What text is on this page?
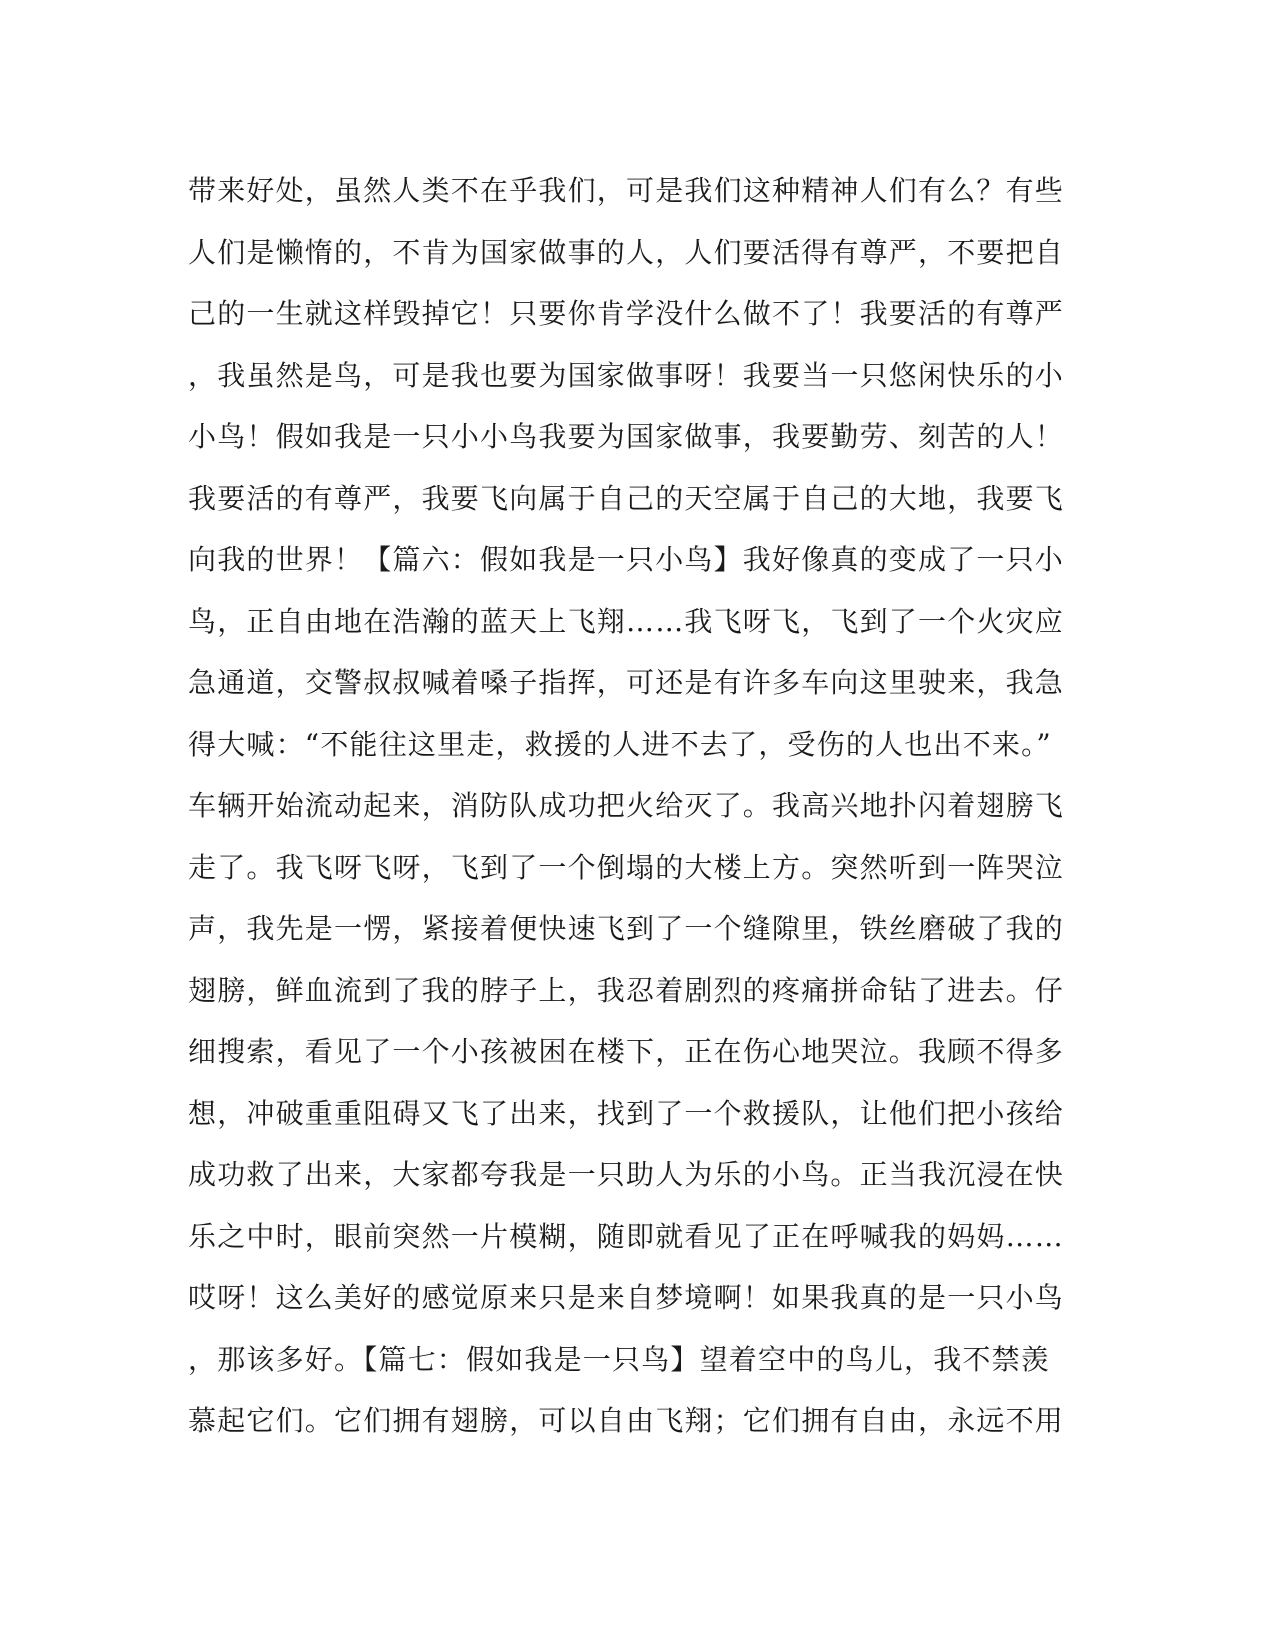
带来好处，虽然人类不在乎我们，可是我们这种精神人们有么？有些
人们是懒惰的，不肯为国家做事的人，人们要活得有尊严，不要把自
己的一生就这样毁掉它！只要你肯学没什么做不了！我要活的有尊严
，我虽然是鸟，可是我也要为国家做事呀！我要当一只悠闲快乐的小
小鸟！假如我是一只小小鸟我要为国家做事，我要勤劳、刻苦的人！
我要活的有尊严，我要飞向属于自己的天空属于自己的大地，我要飞
向我的世界！【篇六：假如我是一只小鸟】我好像真的变成了一只小
鸟，正自由地在浩瀚的蓝天上飞翔……我飞呀飞，飞到了一个火灾应
急通道，交警叔叔喊着嗓子指挥，可还是有许多车向这里驶来，我急
得大喊：“不能往这里走，救援的人进不去了，受伤的人也出不来。”
车辆开始流动起来，消防队成功把火给灭了。我高兴地扑闪着翅膀飞
走了。我飞呀飞呀，飞到了一个倒塌的大楼上方。突然听到一阵哭泣
声，我先是一愣，紧接着便快速飞到了一个缝隙里，铁丝磨破了我的
翅膀，鲜血流到了我的脖子上，我忍着剧烈的疼痛拼命钻了进去。仔
细搜索，看见了一个小孩被困在楼下，正在伤心地哭泣。我顾不得多
想，冲破重重阻碍又飞了出来，找到了一个救援队，让他们把小孩给
成功救了出来，大家都夸我是一只助人为乐的小鸟。正当我沉浸在快
乐之中时，眼前突然一片模糊，随即就看见了正在呼喊我的妈妈……
哎呀！这么美好的感觉原来只是来自梦境啊！如果我真的是一只小鸟
，那该多好。【篇七：假如我是一只鸟】望着空中的鸟儿，我不禁羡
慕起它们。它们拥有翅膀，可以自由飞翔；它们拥有自由，永远不用
